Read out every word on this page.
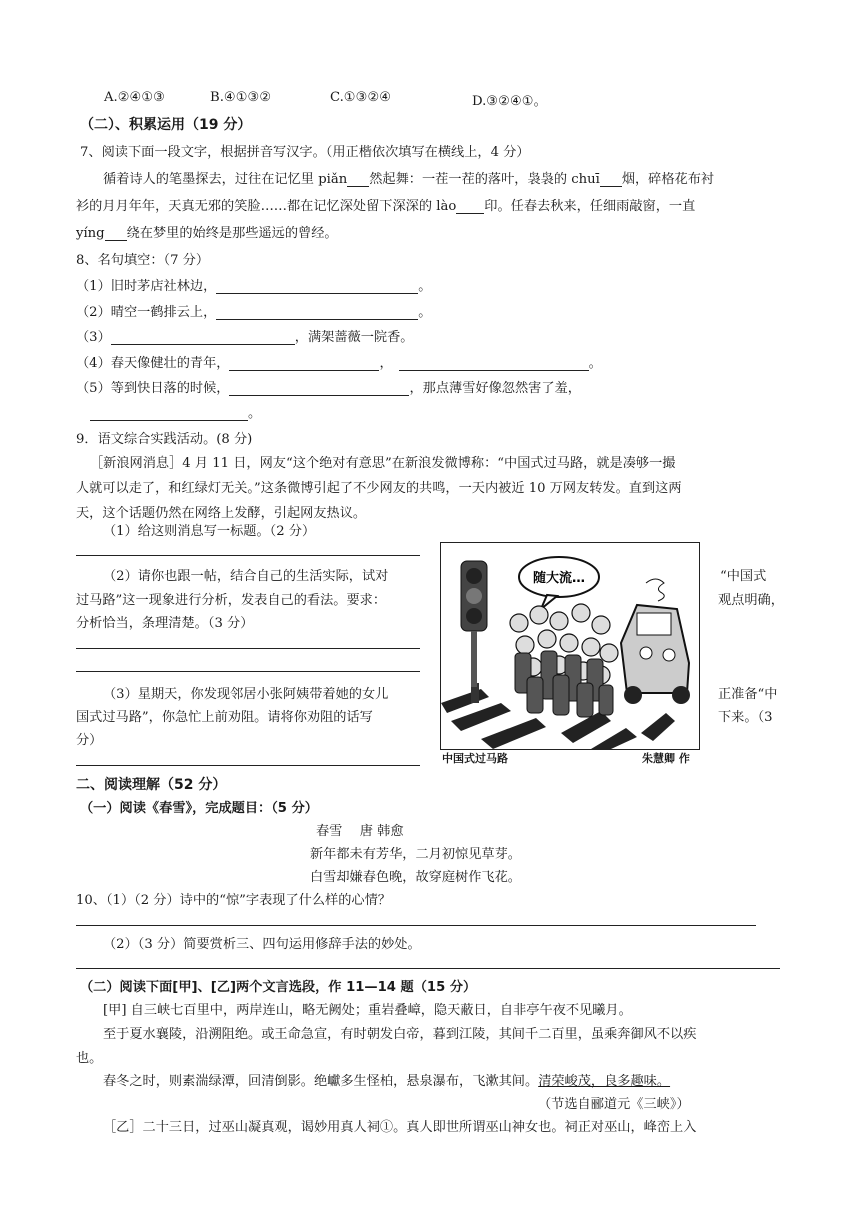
A.②④①③	B.④①③②	C.①③②④	D.③②④①。
（二）、积累运用（19 分）
7、阅读下面一段文字，根据拼音写汉字。（用正楷依次填写在横线上，4 分）
循着诗人的笔墨探去，过往在记忆里 piǎn 然起舞：一茬一茬的落叶，袅袅的 chuī 烟，碎格花布衬
衫的月月年年，天真无邪的笑脸……都在记忆深处留下深深的 lào 印。任春去秋来，任细雨敲窗，一直
yíng 绕在梦里的始终是那些遥远的曾经。
8、名句填空：（7 分）
（1）旧时茅店社林边，	。
（2）晴空一鹤排云上，	。
（3）	，满架蔷薇一院香。
（4）春天像健壮的青年，	，	。
（5）等到快日落的时候，	，那点薄雪好像忽然害了羞，
。
9．语文综合实践活动。(8 分)
［新浪网消息］4 月 11 日，网友“这个绝对有意思”在新浪发微博称：“中国式过马路，就是凑够一撮
人就可以走了，和红绿灯无关。”这条微博引起了不少网友的共鸣，一天内被近 10 万网友转发。直到这两
天，这个话题仍然在网络上发酵，引起网友热议。
（1）给这则消息写一标题。（2 分）
（2）请你也跟一帖，结合自己的生活实际，试对	“中国式
过马路”这一现象进行分析，发表自己的看法。要求：	观点明确，
分析恰当，条理清楚。（3 分）
（3）星期天，你发现邻居小张阿姨带着她的女儿	正准备“中
国式过马路”，你急忙上前劝阻。请将你劝阻的话写	下来。（3
分）
随大流…
中国式过马路	朱慧卿 作
二、阅读理解（52 分）
（一）阅读《春雪》，完成题目：（5 分）
春雪　 唐 韩愈
新年都未有芳华，二月初惊见草芽。
白雪却嫌春色晚，故穿庭树作飞花。
10、（1）（2 分）诗中的“惊”字表现了什么样的心情？
（2）（3 分）简要赏析三、四句运用修辞手法的妙处。
（二）阅读下面[甲]、[乙]两个文言选段，作 11—14 题（15 分）
[甲] 自三峡七百里中，两岸连山，略无阙处；重岩叠嶂，隐天蔽日，自非亭午夜不见曦月。
至于夏水襄陵，沿溯阻绝。或王命急宣，有时朝发白帝，暮到江陵，其间千二百里，虽乘奔御风不以疾
也。
春冬之时，则素湍绿潭，回清倒影。绝巘多生怪柏，悬泉瀑布，飞漱其间。清荣峻茂，良多趣味。
（节选自郦道元《三峡》）
［乙］二十三日，过巫山凝真观，谒妙用真人祠①。真人即世所谓巫山神女也。祠正对巫山，峰峦上入
